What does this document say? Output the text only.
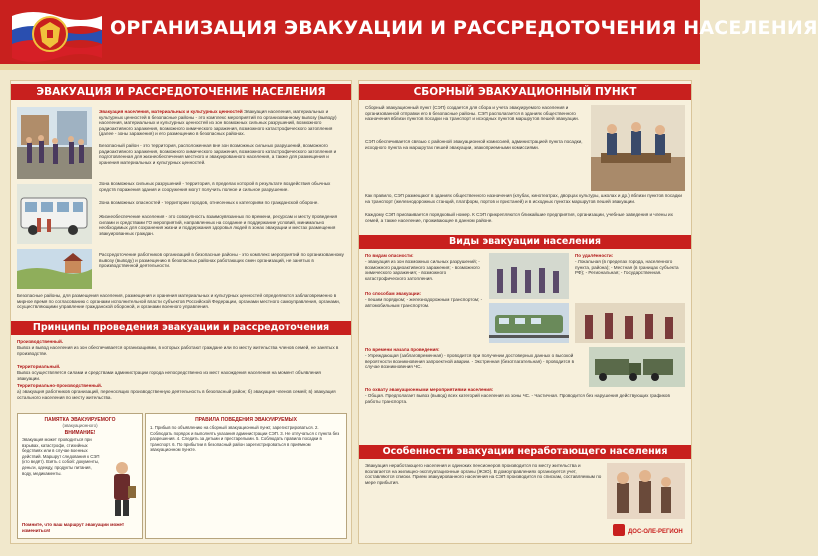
ОРГАНИЗАЦИЯ ЭВАКУАЦИИ И РАССРЕДОТОЧЕНИЯ НАСЕЛЕНИЯ
ЭВАКУАЦИЯ И РАССРЕДОТОЧЕНИЕ НАСЕЛЕНИЯ
Эвакуация населения, материальных и культурных ценностей Эвакуация населения, материальных и культурных ценностей в безопасные районы - это комплекс мероприятий по организованному вывозу (выводу) населения, материальных и культурных ценностей из зон возможных сильных разрушений, возможного радиоактивного заражения, возможного химического заражения, возможного катастрофического затопления (далее - зоны заражения) и его размещению в безопасных районах.
Безопасный район - это территория, расположенная вне зон возможных сильных разрушений, возможного радиоактивного заражения, возможного химического заражения, возможного катастрофического затопления и подготовленная для жизнеобеспечения местного и эвакуированного населения, а также для размещения и хранения материальных и культурных ценностей.
Зона возможных сильных разрушений - территория, в пределах которой в результате воздействия обычных средств поражения здания и сооружения могут получить полное и сильное разрушение.
Зона возможных опасностей - территории городов, отнесенных к категориям по гражданской обороне.
Жизнеобеспечение населения - это совокупность взаимоувязанных по времени, ресурсам и месту проведения силами и средствами ГО мероприятий, направленных на создание и поддержание условий, минимально необходимых для сохранения жизни и поддержания здоровья людей в зонах эвакуации и местах размещения эвакуированных граждан.
Рассредоточение работников организаций в безопасные районы - это комплекс мероприятий по организованному вывозу (выводу) и размещению в безопасных районах работающих смен организаций, не занятых в производственной деятельности.
Безопасные районы, для размещения населения, размещения и хранения материальных и культурных ценностей определяются заблаговременно в мирное время по согласованию с органами исполнительной власти субъектов Российской Федерации, органами местного самоуправления, органами, осуществляющими управление гражданской обороной, и органами военного управления.
Принципы проведения эвакуации и рассредоточения
Производственный.
Вывоз и вывод населения из зон обеспечивается организациями, в которых работают граждане или по месту жительства членов семей, не занятых в производстве.
Территориальный.
Вывоз осуществляется силами и средствами администрации города непосредственно из мест нахождения населения на момент объявления эвакуации.
Территориально-производственный.
а) эвакуация работников организаций, переносящих производственную деятельность в безопасный район; б) эвакуация членов семей; в) эвакуация остального населения по месту жительства.
ПАМЯТКА ЭВАКУИРУЕМОГО
(эвакуационного)
ВНИМАНИЕ!
Эвакуация может проводиться при взрывах, катастрофе, стихийных бедствиях или в случае военных действий. Маршрут следования к СЭП (кто ведёт). Взять с собой: документы, деньги, одежду, продукты питания, воду, медикаменты.
Помните, что ваш маршрут эвакуации может измениться!
ПРАВИЛА ПОВЕДЕНИЯ ЭВАКУИРУЕМЫХ
1. Прибыв по объявлению на сборный эвакуационный пункт, зарегистрироваться. 2. Соблюдать порядок и выполнять указания администрации СЭП. 3. Не отлучаться с пункта без разрешения. 4. Следить за детьми и престарелыми. 5. Соблюдать правила посадки в транспорт. 6. По прибытии в безопасный район зарегистрироваться в приёмном эвакуационном пункте.
СБОРНЫЙ ЭВАКУАЦИОННЫЙ ПУНКТ
Сборный эвакуационный пункт (СЭП) создается для сбора и учета эвакуируемого населения и организованной отправки его в безопасные районы. СЭП располагается в зданиях общественного назначения вблизи пунктов посадки на транспорт и исходных пунктов маршрутов пешей эвакуации.
СЭП обеспечивается связью с районной эвакуационной комиссией, администрацией пункта посадки, исходного пункта на маршрутах пешей эвакуации, эвакоприемными комиссиями.
Как правило, СЭП размещают в зданиях общественного назначения (клубах, кинотеатрах, дворцах культуры, школах и др.) вблизи пунктов посадки на транспорт (железнодорожных станций, платформ, портов и пристаней) и в исходных пунктах маршрутов пешей эвакуации.
Каждому СЭП присваивается порядковый номер. К СЭП прикрепляются ближайшие предприятия, организации, учебные заведения и члены их семей, а также население, проживающее в данном районе.
Виды эвакуации населения
По видам опасности:
- эвакуация из зон возможных сильных разрушений; - возможного радиоактивного заражения; - возможного химического заражения; - возможного катастрофического затопления.
По способам эвакуации:
- пешим порядком; - железнодорожным транспортом; - автомобильным транспортом.
По удалённости:
- Локальная (в пределах города, населенного пункта, района); - Местная (в границах субъекта РФ); - Региональная; - Государственная.
По времени начала проведения:
- Упреждающая (заблаговременная) - проводится при получении достоверных данных о высокой вероятности возникновения запроектной аварии. - Экстренная (безотлагательная) - проводится в случае возникновения ЧС.
По охвату эвакуационными мероприятиями населения:
- Общая. Предполагает вывоз (вывод) всех категорий населения из зоны ЧС. - Частичная. Проводится без нарушения действующих графиков работы транспорта.
Особенности эвакуации неработающего населения
Эвакуация неработающего населения и одиноких пенсионеров производится по месту жительства и возлагается на жилищно-эксплуатационные органы (ЖЭО). В домоуправлениях организуется учет, составляются списки. Прием эвакуированного населения на СЭП производится по спискам, составляемым по мере прибытия.
ДОС-ОЛЕ-РЕГИОН
